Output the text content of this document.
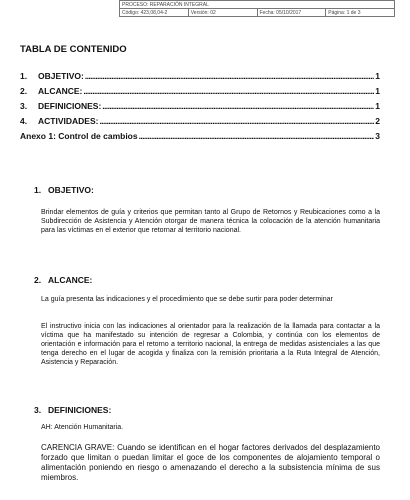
PROCESO: REPARACIÓN INTEGRAL
Código: 423,08,04-2	Versión: 02	Fecha: 05/10/2017	Página: 1 de 3
TABLA DE CONTENIDO
1.	OBJETIVO: .....	1
2.	ALCANCE: .....	1
3.	DEFINICIONES: .....	1
4.	ACTIVIDADES: .....	2
Anexo 1: Control de cambios .....	3
1. OBJETIVO:

Brindar elementos de guía y criterios que permitan tanto al Grupo de Retornos y Reubicaciones como a la Subdirección de Asistencia y Atención otorgar de manera técnica la colocación de la atención humanitaria para las víctimas en el exterior que retornar al territorio nacional.

2. ALCANCE:

La guía presenta las indicaciones y el procedimiento que se debe surtir para poder determinar

El instructivo inicia con las indicaciones al orientador para la realización de la llamada para contactar a la víctima que ha manifestado su intención de regresar a Colombia, y continúa con los elementos de orientación e información para el retorno a territorio nacional, la entrega de medidas asistenciales a las que tenga derecho en el lugar de acogida y finaliza con la remisión prioritaria a la Ruta Integral de Atención, Asistencia y Reparación.

3. DEFINICIONES:

AH: Atención Humanitaria.

CARENCIA GRAVE: Cuando se identifican en el hogar factores derivados del desplazamiento forzado que limitan o puedan limitar el goce de los componentes de alojamiento temporal o alimentación poniendo en riesgo o amenazando el derecho a la subsistencia mínima de sus miembros.
